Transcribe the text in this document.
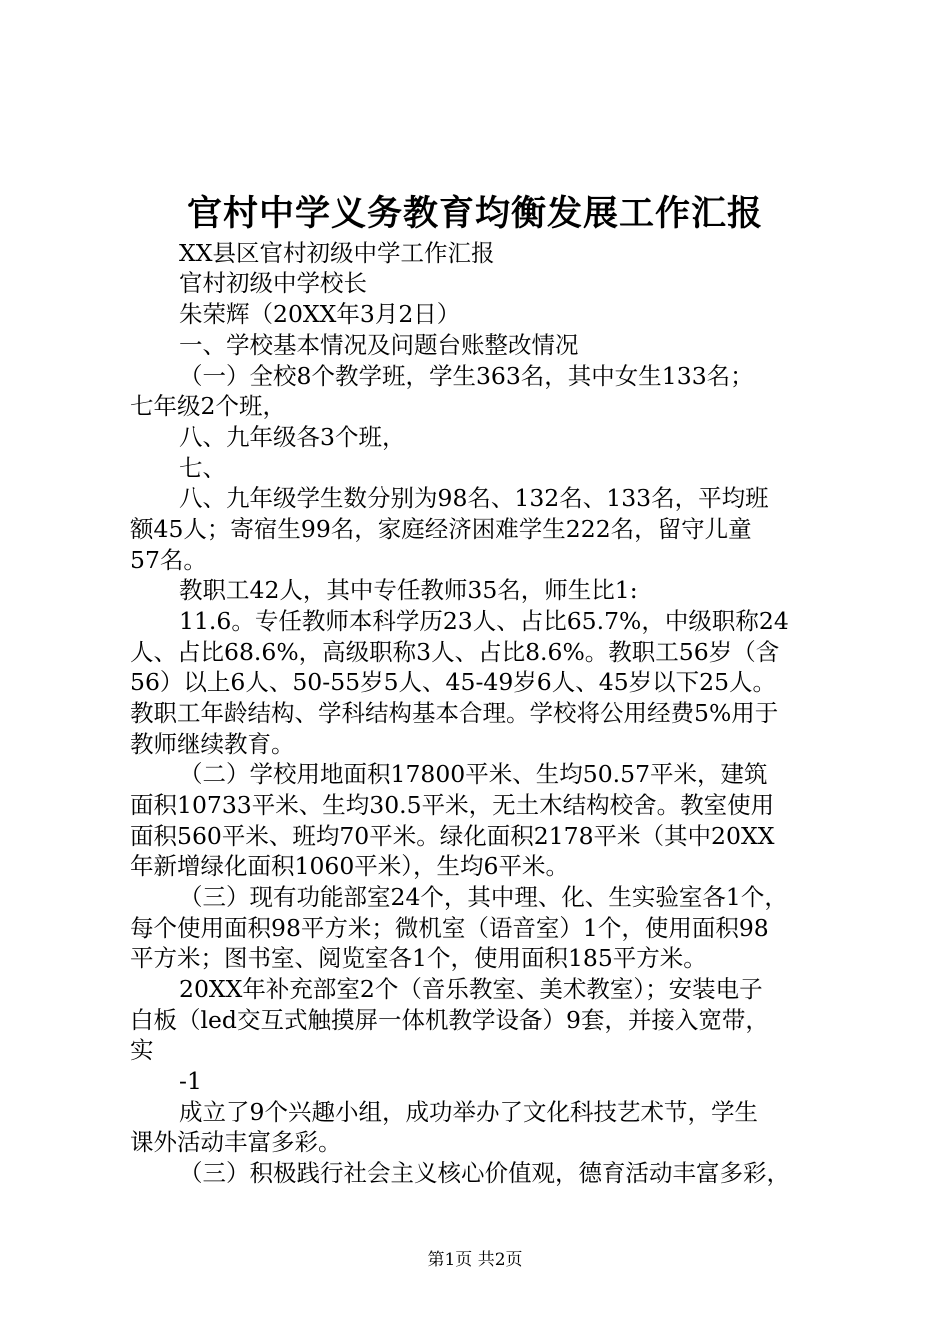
官村中学义务教育均衡发展工作汇报

XX县区官村初级中学工作汇报

官村初级中学校长

朱荣辉（20XX年3月2日）

一、学校基本情况及问题台账整改情况

（一）全校8个教学班，学生363名，其中女生133名；

七年级2个班，

八、九年级各3个班，

七、

八、九年级学生数分别为98名、132名、133名，平均班

额45人；寄宿生99名，家庭经济困难学生222名，留守儿童

57名。

教职工42人，其中专任教师35名，师生比1:

11.6。专任教师本科学历23人、占比65.7%，中级职称24

人、占比68.6%，高级职称3人、占比8.6%。教职工56岁（含

56）以上6人、50-55岁5人、45-49岁6人、45岁以下25人。

教职工年龄结构、学科结构基本合理。学校将公用经费5%用于

教师继续教育。

（二）学校用地面积17800平米、生均50.57平米，建筑

面积10733平米、生均30.5平米，无土木结构校舍。教室使用

面积560平米、班均70平米。绿化面积2178平米（其中20XX

年新增绿化面积1060平米），生均6平米。

（三）现有功能部室24个，其中理、化、生实验室各1个，

每个使用面积98平方米；微机室（语音室）1个，使用面积98

平方米；图书室、阅览室各1个，使用面积185平方米。

20XX年补充部室2个（音乐教室、美术教室）；安装电子

白板（led交互式触摸屏一体机教学设备）9套，并接入宽带，

实

-1

成立了9个兴趣小组，成功举办了文化科技艺术节，学生

课外活动丰富多彩。

（三）积极践行社会主义核心价值观，德育活动丰富多彩，

第1页 共2页
